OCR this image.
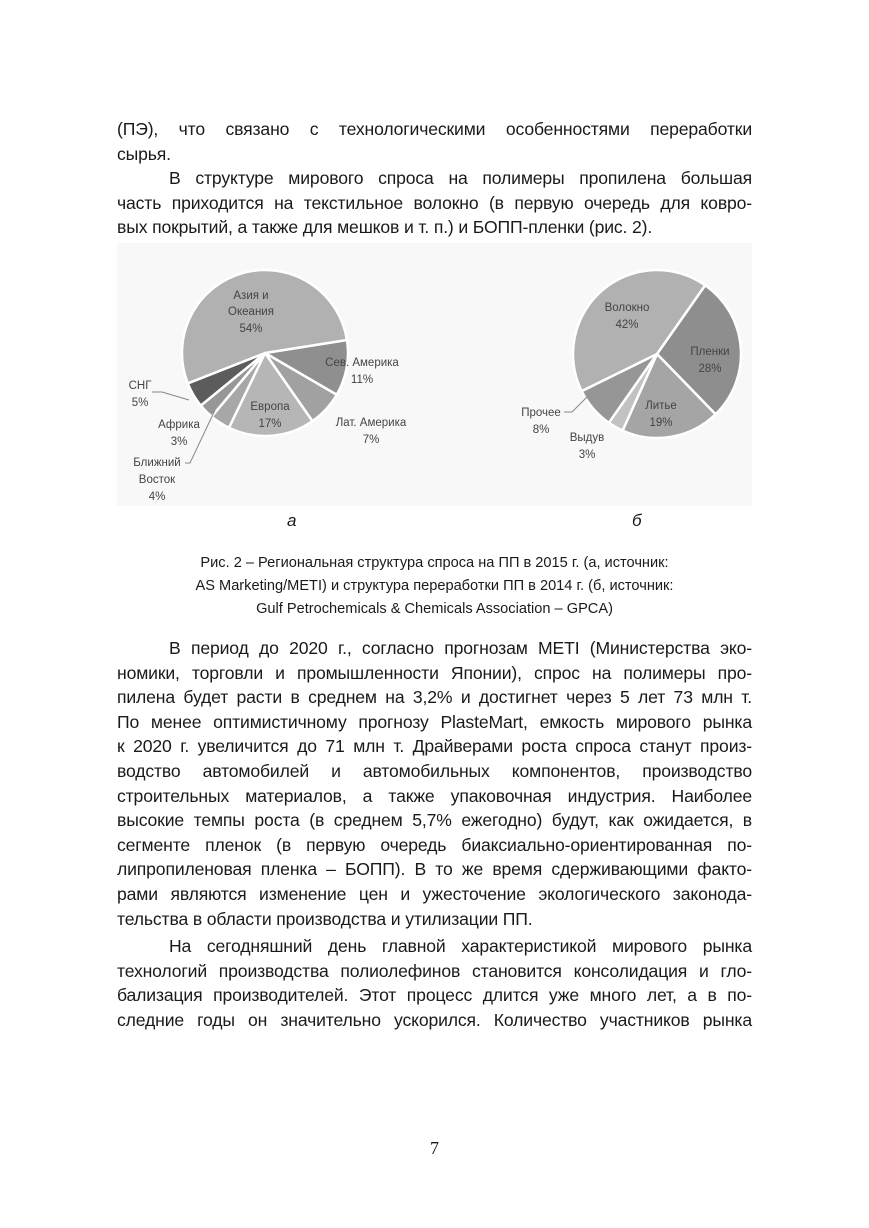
(ПЭ), что связано с технологическими особенностями переработки
сырья.
В структуре мирового спроса на полимеры пропилена большая
часть приходится на текстильное волокно (в первую очередь для ковро-
вых покрытий, а также для мешков и т. п.) и БОПП-пленки (рис. 2).
Азия и
Океания
54%
Сев. Америка
11%
Лат. Америка
7%
Европа
17%
СНГ
5%
Африка
3%
Ближний
Восток
4%
Волокно
42%
Пленки
28%
Литье
19%
Прочее
8%
Выдув
3%
а	б
Рис. 2 – Региональная структура спроса на ПП в 2015 г. (а, источник:
AS Marketing/METI) и структура переработки ПП в 2014 г. (б, источник:
Gulf Petrochemicals & Chemicals Association – GPCA)
В период до 2020 г., согласно прогнозам METI (Министерства эко-
номики, торговли и промышленности Японии), спрос на полимеры про-
пилена будет расти в среднем на 3,2% и достигнет через 5 лет 73 млн т.
По менее оптимистичному прогнозу PlasteMart, емкость мирового рынка
к 2020 г. увеличится до 71 млн т. Драйверами роста спроса станут произ-
водство автомобилей и автомобильных компонентов, производство
строительных материалов, а также упаковочная индустрия. Наиболее
высокие темпы роста (в среднем 5,7% ежегодно) будут, как ожидается, в
сегменте пленок (в первую очередь биаксиально-ориентированная по-
липропиленовая пленка – БОПП). В то же время сдерживающими факто-
рами являются изменение цен и ужесточение экологического законода-
тельства в области производства и утилизации ПП.
На сегодняшний день главной характеристикой мирового рынка
технологий производства полиолефинов становится консолидация и гло-
бализация производителей. Этот процесс длится уже много лет, а в по-
следние годы он значительно ускорился. Количество участников рынка
7
